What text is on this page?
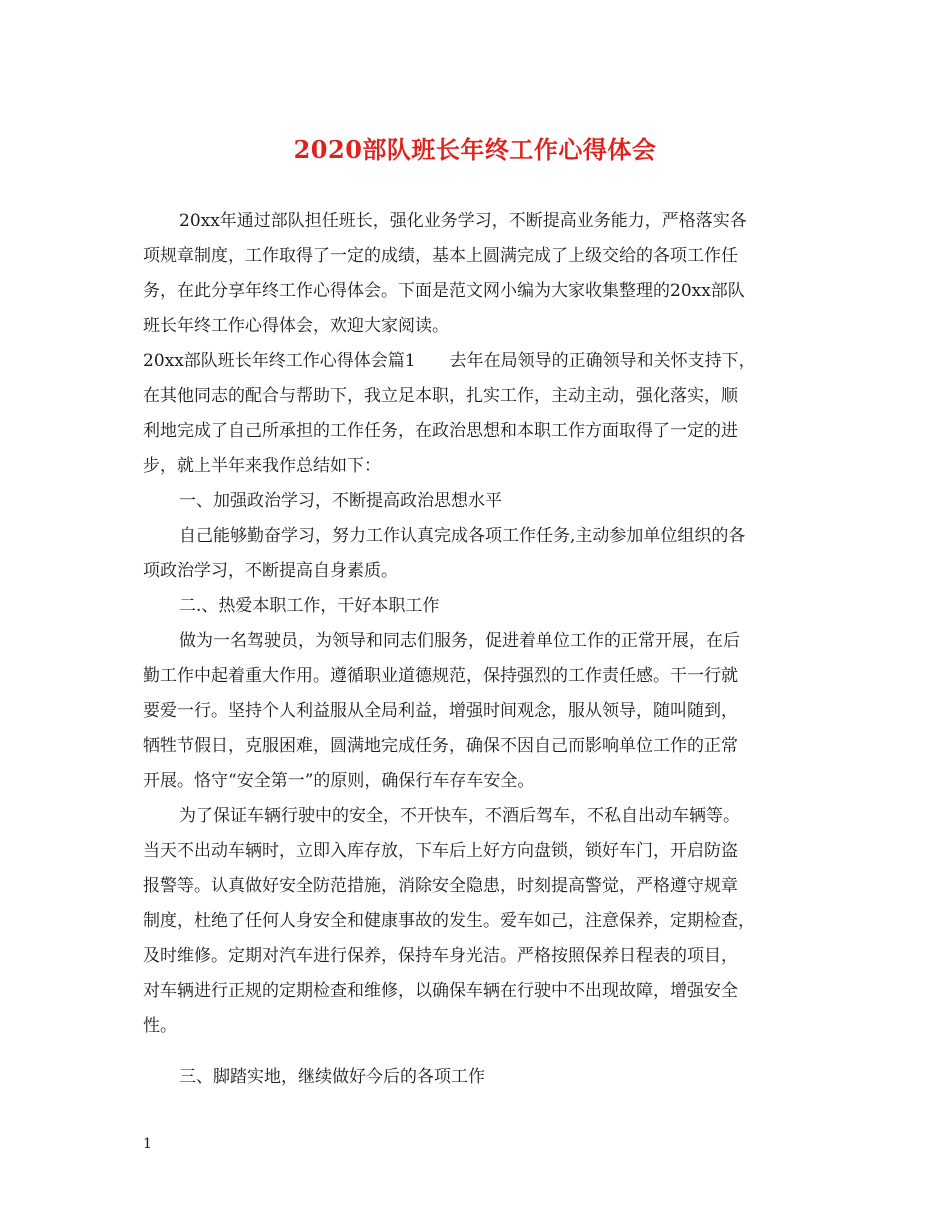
2020部队班长年终工作心得体会

20xx年通过部队担任班长，强化业务学习，不断提高业务能力，严格落实各

项规章制度，工作取得了一定的成绩，基本上圆满完成了上级交给的各项工作任

务，在此分享年终工作心得体会。下面是范文网小编为大家收集整理的20xx部队

班长年终工作心得体会，欢迎大家阅读。

20xx部队班长年终工作心得体会篇1　　去年在局领导的正确领导和关怀支持下，

在其他同志的配合与帮助下，我立足本职，扎实工作，主动主动，强化落实，顺

利地完成了自己所承担的工作任务，在政治思想和本职工作方面取得了一定的进

步，就上半年来我作总结如下：

一、加强政治学习，不断提高政治思想水平

自己能够勤奋学习，努力工作认真完成各项工作任务,主动参加单位组织的各

项政治学习，不断提高自身素质。

二.、热爱本职工作，干好本职工作

做为一名驾驶员，为领导和同志们服务，促进着单位工作的正常开展，在后

勤工作中起着重大作用。遵循职业道德规范，保持强烈的工作责任感。干一行就

要爱一行。坚持个人利益服从全局利益，增强时间观念，服从领导，随叫随到，

牺牲节假日，克服困难，圆满地完成任务，确保不因自己而影响单位工作的正常

开展。恪守“安全第一”的原则，确保行车存车安全。

为了保证车辆行驶中的安全，不开快车，不酒后驾车，不私自出动车辆等。

当天不出动车辆时，立即入库存放，下车后上好方向盘锁，锁好车门，开启防盗

报警等。认真做好安全防范措施，消除安全隐患，时刻提高警觉，严格遵守规章

制度，杜绝了任何人身安全和健康事故的发生。爱车如己，注意保养，定期检查，

及时维修。定期对汽车进行保养，保持车身光洁。严格按照保养日程表的项目，

对车辆进行正规的定期检查和维修，以确保车辆在行驶中不出现故障，增强安全

性。

三、脚踏实地，继续做好今后的各项工作

1
